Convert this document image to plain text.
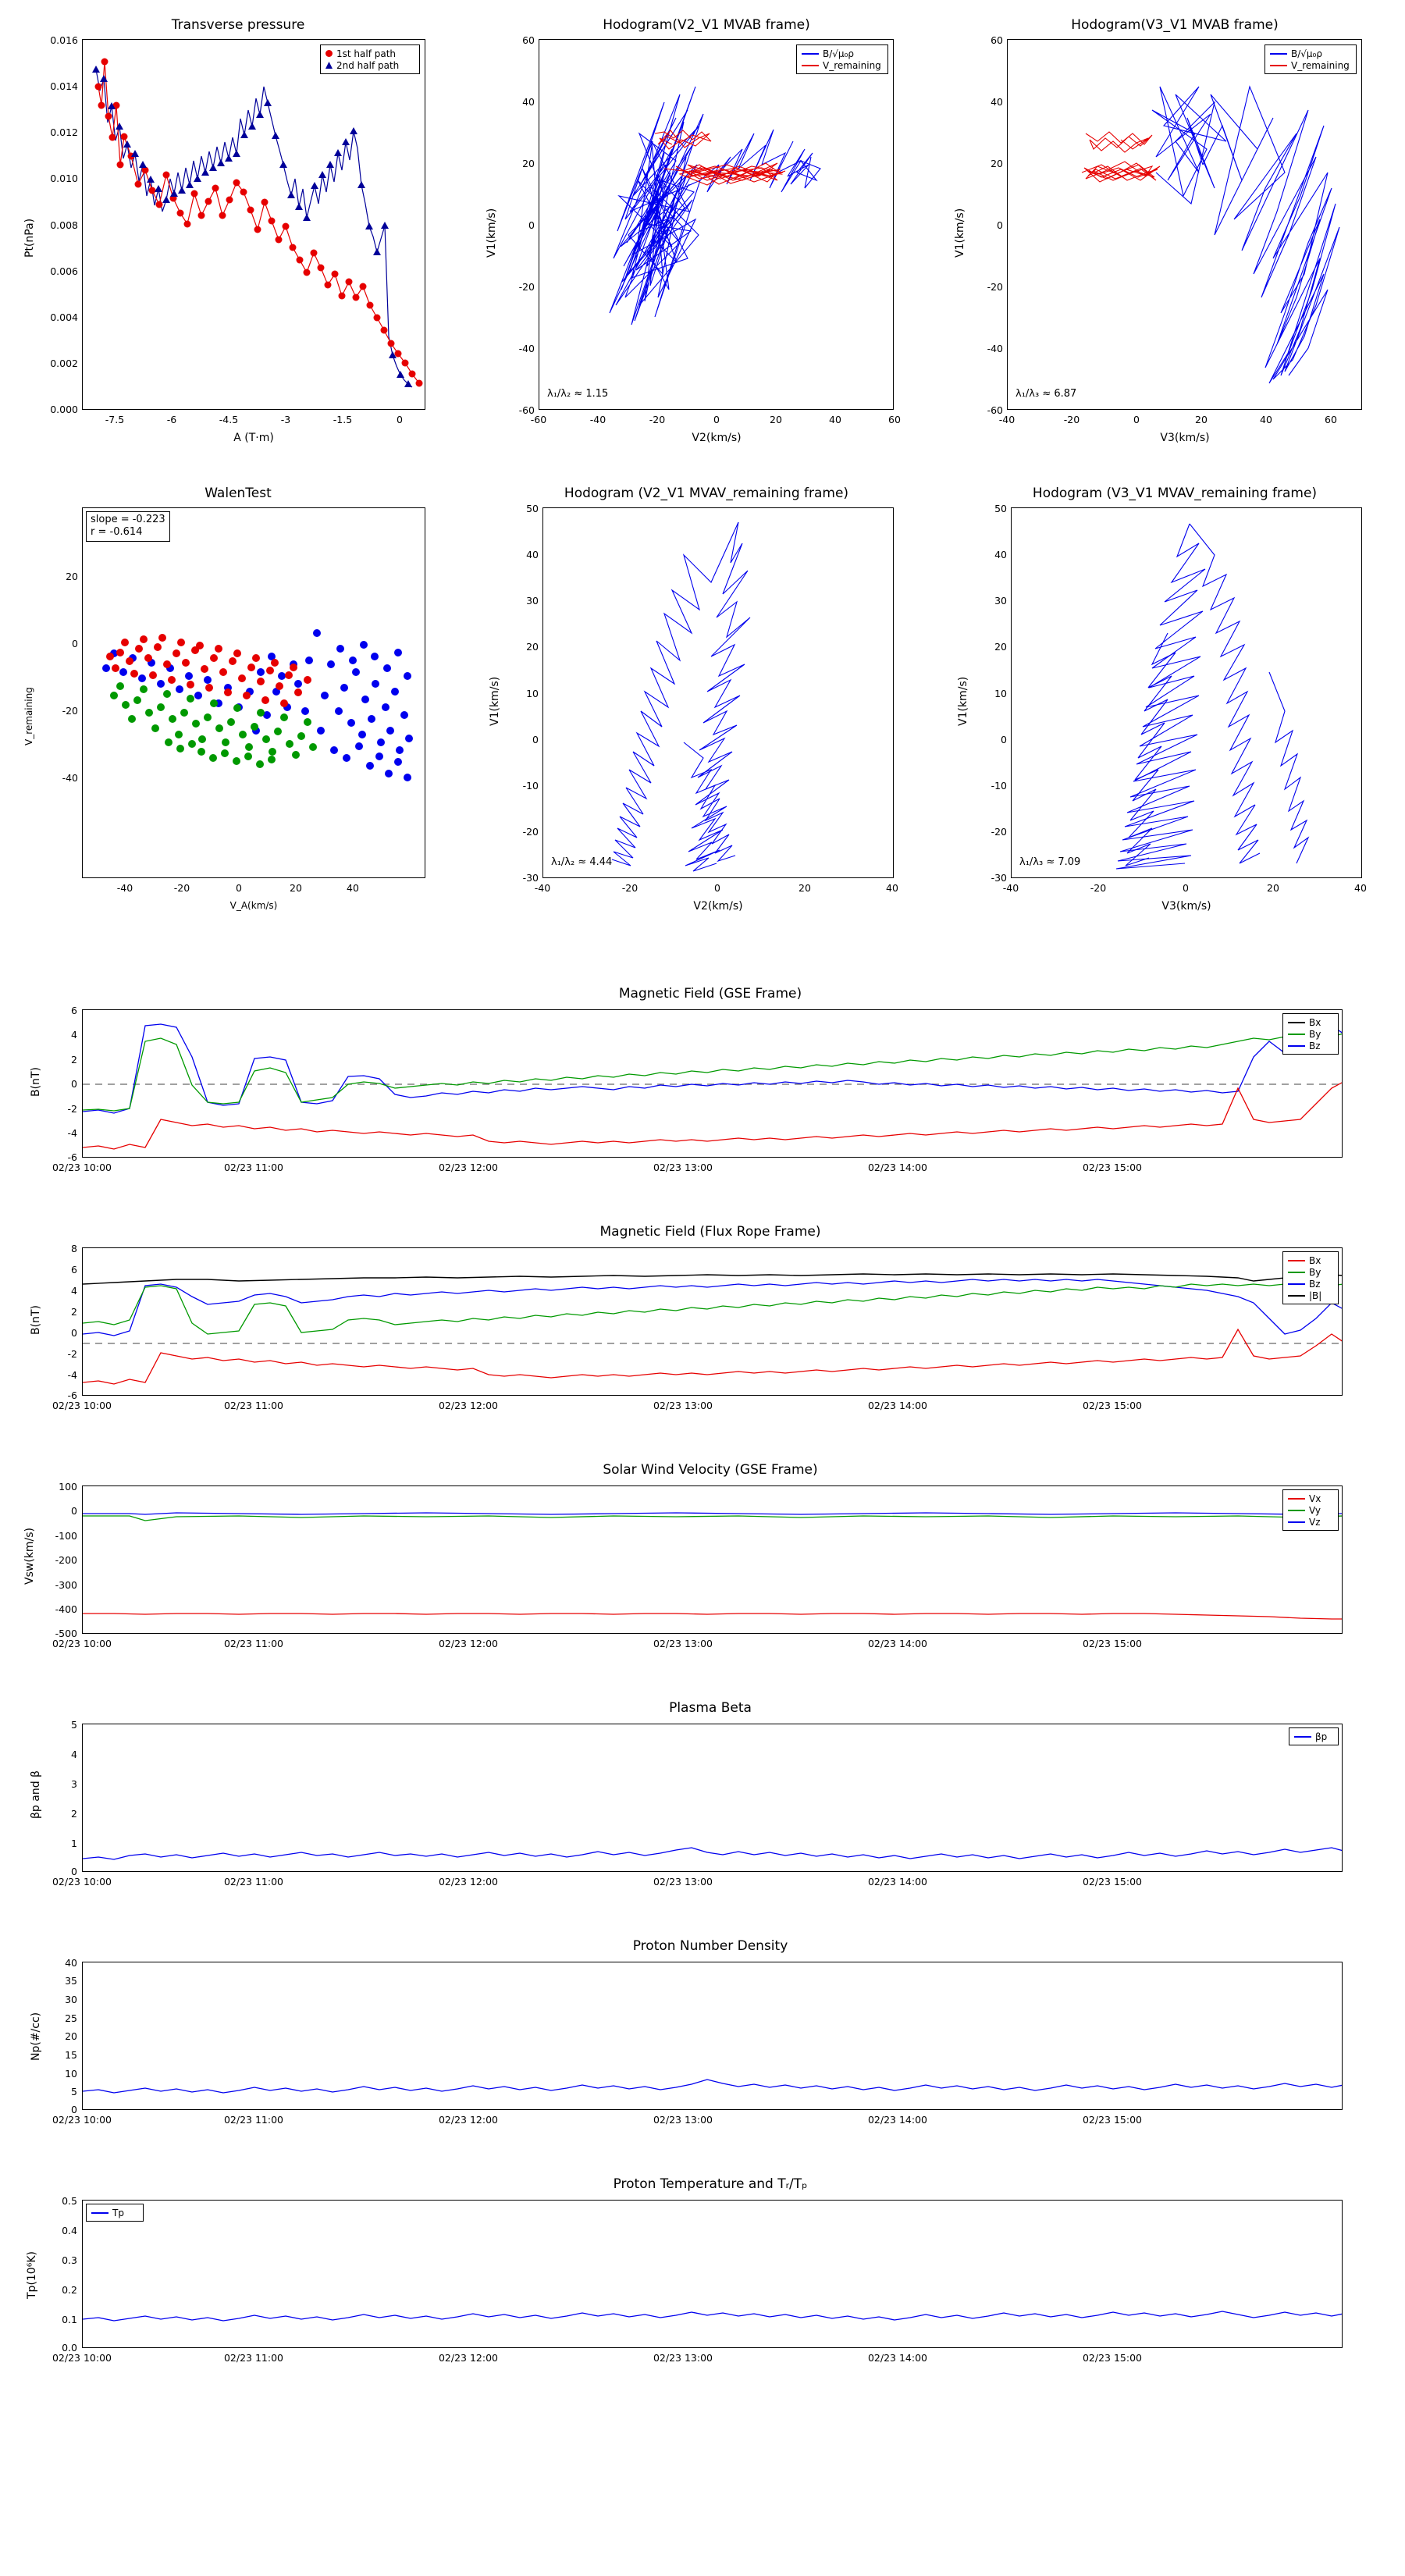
Transverse pressure
1st half path
2nd half path
0.016
0.014
0.012
0.010
0.008
0.006
0.004
0.002
0.000
Pt(nPa)
-7.5	-6	-4.5	-3	-1.5	0
A (T·m)
Hodogram(V2_V1 MVAB frame)
B/√μ₀ρ
V_remaining
λ₁/λ₂ ≈ 1.15
60
40
20
0
-20
-40
-60
V1(km/s)
-60	-40	-20	0	20	40	60
V2(km/s)
Hodogram(V3_V1 MVAB frame)
B/√μ₀ρ
V_remaining
λ₁/λ₃ ≈ 6.87
60
40
20
0
-20
-40
-60
V1(km/s)
-40	-20	0	20	40	60
V3(km/s)
WalenTest
slope = -0.223
r = -0.614
20
0
-20
-40
V_remaining
-40	-20	0	20	40
V_A(km/s)
Hodogram (V2_V1 MVAV_remaining frame)
λ₁/λ₂ ≈ 4.44
50
40
30
20
10
0
-10
-20
-30
V1(km/s)
-40	-20	0	20	40
V2(km/s)
Hodogram (V3_V1 MVAV_remaining frame)
λ₁/λ₃ ≈ 7.09
50
40
30
20
10
0
-10
-20
-30
V1(km/s)
-40	-20	0	20	40
V3(km/s)
Magnetic Field (GSE Frame)
Bx
By
Bz
6
4
2
0
-2
-4
-6
B(nT)
02/23 10:00	02/23 11:00	02/23 12:00	02/23 13:00	02/23 14:00	02/23 15:00
Magnetic Field (Flux Rope Frame)
Bx
By
Bz
|B|
8
6
4
2
0
-2
-4
-6
B(nT)
02/23 10:00	02/23 11:00	02/23 12:00	02/23 13:00	02/23 14:00	02/23 15:00
Solar Wind Velocity (GSE Frame)
Vx
Vy
Vz
100
0
-100
-200
-300
-400
-500
Vsw(km/s)
02/23 10:00	02/23 11:00	02/23 12:00	02/23 13:00	02/23 14:00	02/23 15:00
Plasma Beta
βp
5
4
3
2
1
0
βp and β
02/23 10:00	02/23 11:00	02/23 12:00	02/23 13:00	02/23 14:00	02/23 15:00
Proton Number Density
40
35
30
25
20
15
10
5
0
Np(#/cc)
02/23 10:00	02/23 11:00	02/23 12:00	02/23 13:00	02/23 14:00	02/23 15:00
Proton Temperature and Tᵣ/Tₚ
Tp
0.5
0.4
0.3
0.2
0.1
0.0
Tp(10⁶K)
02/23 10:00	02/23 11:00	02/23 12:00	02/23 13:00	02/23 14:00	02/23 15:00
